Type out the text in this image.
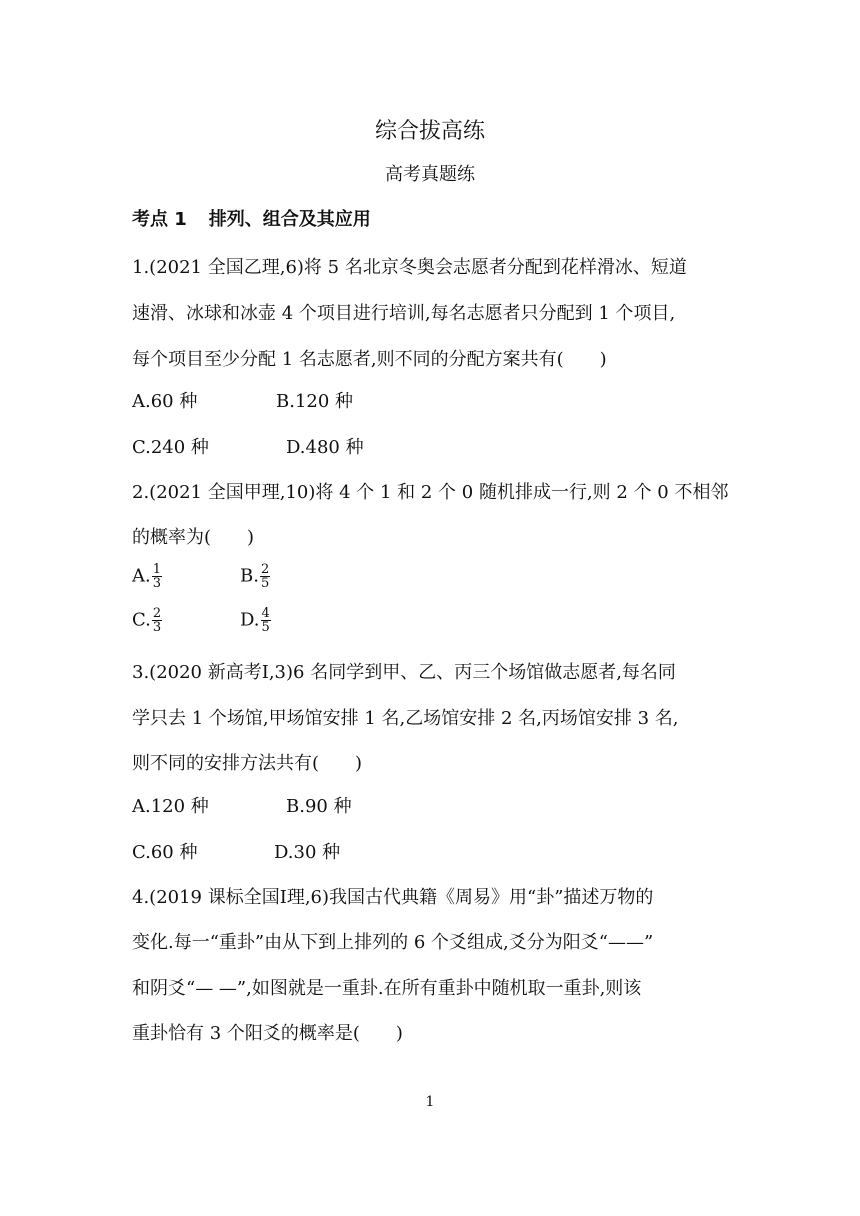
综合拔高练
高考真题练
考点 1 排列、组合及其应用
1.(2021 全国乙理,6)将 5 名北京冬奥会志愿者分配到花样滑冰、短道
速滑、冰球和冰壶 4 个项目进行培训,每名志愿者只分配到 1 个项目,
每个项目至少分配 1 名志愿者,则不同的分配方案共有(　　)
A.60 种	B.120 种
C.240 种	D.480 种
2.(2021 全国甲理,10)将 4 个 1 和 2 个 0 随机排成一行,则 2 个 0 不相邻
的概率为(　　)
A. $\frac{1}{3}$	B. $\frac{2}{5}$
C. $\frac{2}{3}$	D. $\frac{4}{5}$
3.(2020 新高考Ⅰ,3)6 名同学到甲、乙、丙三个场馆做志愿者,每名同
学只去 1 个场馆,甲场馆安排 1 名,乙场馆安排 2 名,丙场馆安排 3 名,
则不同的安排方法共有(　　)
A.120 种	B.90 种
C.60 种	D.30 种
4.(2019 课标全国Ⅰ理,6)我国古代典籍《周易》用“卦”描述万物的
变化.每一“重卦”由从下到上排列的 6 个爻组成,爻分为阳爻“——”
和阴爻“— —”,如图就是一重卦.在所有重卦中随机取一重卦,则该
重卦恰有 3 个阳爻的概率是(　　)
1
